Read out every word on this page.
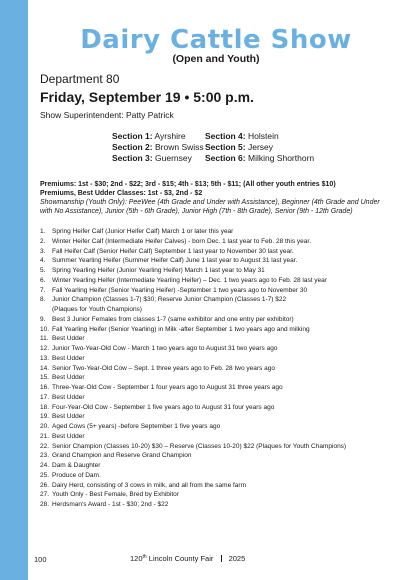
Dairy Cattle Show
(Open and Youth)
Department 80
Friday, September 19 • 5:00 p.m.
Show Superintendent: Patty Patrick
Section 1: Ayrshire	Section 4: Holstein
Section 2: Brown Swiss Section 5: Jersey
Section 3: Guernsey	Section 6: Milking Shorthorn
Premiums: 1st - $30; 2nd - $22; 3rd - $15; 4th - $13; 5th - $11; (All other youth entries $10)
Premiums, Best Udder Classes: 1st - $3, 2nd - $2
Showmanship (Youth Only): PeeWee (4th Grade and Under with Assistance), Beginner (4th Grade and Under with No Assistance), Junior (5th - 6th Grade), Junior High (7th - 8th Grade), Senior (9th - 12th Grade)
1.	Spring Heifer Calf (Junior Heifer Calf) March 1 or later this year
2.	Winter Heifer Calf (Intermediate Heifer Calves) - born Dec. 1 last year to Feb. 28 this year.
3.	Fall Heifer Calf (Senior Heifer Calf) September 1 last year to November 30 last year.
4.	Summer Yearling Heifer (Summer Heifer Calf) June 1 last year to August 31 last year.
5.	Spring Yearling Heifer (Junior Yearling Heifer) March 1 last year to May 31
6.	Winter Yearling Heifer (Intermediate Yearling Heifer) – Dec. 1 two years ago to Feb. 28 last year
7.	Fall Yearling Heifer (Senior Yearling Heifer) -September 1 two years ago to November 30
8.	Junior Champion (Classes 1-7) $30; Reserve Junior Champion (Classes 1-7) $22
(Plaques for Youth Champions)
9.	Best 3 Junior Females from classes 1-7 (same exhibitor and one entry per exhibitor)
10. Fall Yearling Heifer (Senior Yearling) in Milk -after September 1 two years ago and milking
11. Best Udder
12. Junior Two-Year-Old Cow - March 1 two years ago to August 31 two years ago
13. Best Udder
14. Senior Two-Year-Old Cow – Sept. 1 three years ago to Feb. 28 two years ago
15. Best Udder
16. Three-Year-Old Cow - September 1 four years ago to August 31 three years ago
17. Best Udder
18. Four-Year-Old Cow - September 1 five years ago to August 31 four years ago
19. Best Udder
20. Aged Cows (5+ years) -before September 1 five years ago
21. Best Udder
22. Senior Champion (Classes 10-20) $30 – Reserve (Classes 10-20) $22 (Plaques for Youth Champions)
23. Grand Champion and Reserve Grand Champion
24. Dam & Daughter
25. Produce of Dam.
26. Dairy Herd, consisting of 3 cows in milk, and all from the same farm
27. Youth Only - Best Female, Bred by Exhibitor
28. Herdsman's Award - 1st - $30; 2nd - $22
100	120th Lincoln County Fair 2025
